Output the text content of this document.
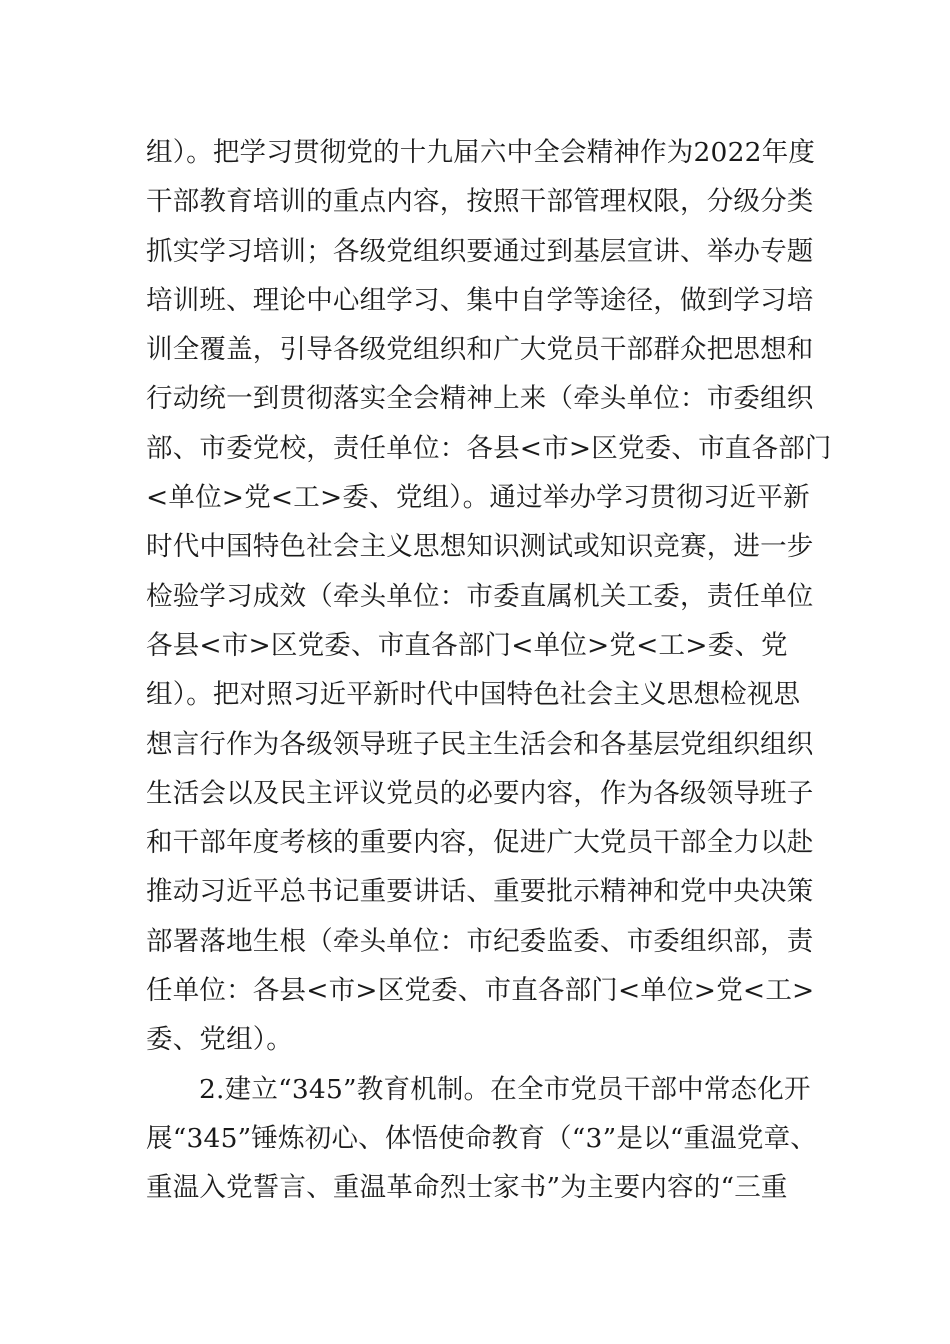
组）。把学习贯彻党的十九届六中全会精神作为2022年度
干部教育培训的重点内容，按照干部管理权限，分级分类
抓实学习培训；各级党组织要通过到基层宣讲、举办专题
培训班、理论中心组学习、集中自学等途径，做到学习培
训全覆盖，引导各级党组织和广大党员干部群众把思想和
行动统一到贯彻落实全会精神上来（牵头单位：市委组织
部、市委党校，责任单位：各县<市>区党委、市直各部门
<单位>党<工>委、党组）。通过举办学习贯彻习近平新
时代中国特色社会主义思想知识测试或知识竞赛，进一步
检验学习成效（牵头单位：市委直属机关工委，责任单位
各县<市>区党委、市直各部门<单位>党<工>委、党
组）。把对照习近平新时代中国特色社会主义思想检视思
想言行作为各级领导班子民主生活会和各基层党组织组织
生活会以及民主评议党员的必要内容，作为各级领导班子
和干部年度考核的重要内容，促进广大党员干部全力以赴
推动习近平总书记重要讲话、重要批示精神和党中央决策
部署落地生根（牵头单位：市纪委监委、市委组织部，责
任单位：各县<市>区党委、市直各部门<单位>党<工>
委、党组）。
2.建立“345”教育机制。在全市党员干部中常态化开
展“345”锤炼初心、体悟使命教育（“3”是以“重温党章、
重温入党誓言、重温革命烈士家书”为主要内容的“三重
